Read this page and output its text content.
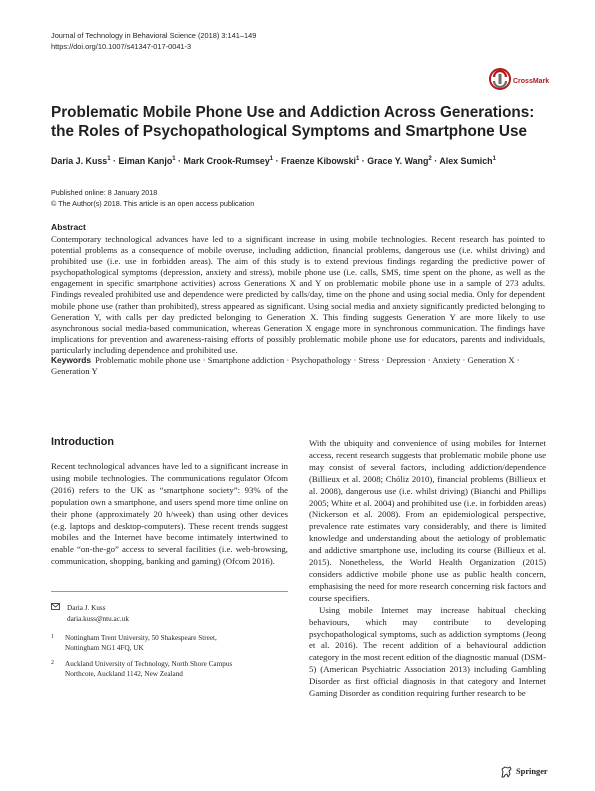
Journal of Technology in Behavioral Science (2018) 3:141–149
https://doi.org/10.1007/s41347-017-0041-3
CrossMark
Problematic Mobile Phone Use and Addiction Across Generations:
the Roles of Psychopathological Symptoms and Smartphone Use
Daria J. Kuss$^1$ · Eiman Kanjo$^1$ · Mark Crook-Rumsey$^1$ · Fraenze Kibowski$^1$ · Grace Y. Wang$^2$ · Alex Sumich$^1$
Published online: 8 January 2018
© The Author(s) 2018. This article is an open access publication
Abstract
Contemporary technological advances have led to a significant increase in using mobile technologies. Recent research has pointed to potential problems as a consequence of mobile overuse, including addiction, financial problems, dangerous use (i.e. whilst driving) and prohibited use (i.e. use in forbidden areas). The aim of this study is to extend previous findings regarding the predictive power of psychopathological symptoms (depression, anxiety and stress), mobile phone use (i.e. calls, SMS, time spent on the phone, as well as the engagement in specific smartphone activities) across Generations X and Y on problematic mobile phone use in a sample of 273 adults. Findings revealed prohibited use and dependence were predicted by calls/day, time on the phone and using social media. Only for dependent mobile phone use (rather than prohibited), stress appeared as significant. Using social media and anxiety significantly predicted belonging to Generation Y, with calls per day predicted belonging to Generation X. This finding suggests Generation Y are more likely to use asynchronous social media-based communication, whereas Generation X engage more in synchronous communication. The findings have implications for prevention and awareness-raising efforts of possibly problematic mobile phone use for educators, parents and individuals, particularly including dependence and prohibited use.
Keywords Problematic mobile phone use · Smartphone addiction · Psychopathology · Stress · Depression · Anxiety · Generation X · Generation Y
Introduction

Recent technological advances have led to a significant increase in using mobile technologies. The communications regulator Ofcom (2016) refers to the UK as “smartphone society”: 93% of the population own a smartphone, and users spend more time online on their phone (approximately 20 h/week) than using other devices (e.g. laptops and desktop-computers). These recent trends suggest mobiles and the Internet have become intimately intertwined to enable “on-the-go” access to several facilities (i.e. web-browsing, communication, shopping, banking and gaming) (Ofcom 2016).

With the ubiquity and convenience of using mobiles for Internet access, recent research suggests that problematic mobile phone use may consist of several factors, including addiction/dependence (Billieux et al. 2008; Chóliz 2010), financial problems (Billieux et al. 2008), dangerous use (i.e. whilst driving) (Bianchi and Phillips 2005; White et al. 2004) and prohibited use (i.e. in forbidden areas) (Nickerson et al. 2008). From an epidemiological perspective, prevalence rate estimates vary considerably, and there is limited knowledge and understanding about the aetiology of problematic and addictive smartphone use, including its course (Billieux et al. 2015). Nonetheless, the World Health Organization (2015) considers addictive mobile phone use as public health concern, emphasising the need for more research concerning risk factors and course specifiers.

Using mobile Internet may increase habitual checking behaviours, which may contribute to developing psychopathological symptoms, such as addiction symptoms (Jeong et al. 2016). The recent addition of a behavioural addiction category in the most recent edition of the diagnostic manual (DSM-5) (American Psychiatric Association 2013) including Gambling Disorder as first official diagnosis in that category and Internet Gaming Disorder as condition requiring further research to be

Daria J. Kuss
daria.kuss@ntu.ac.uk
1 Nottingham Trent University, 50 Shakespeare Street,
Nottingham NG1 4FQ, UK
2 Auckland University of Technology, North Shore Campus
Northcote, Auckland 1142, New Zealand
Springer
